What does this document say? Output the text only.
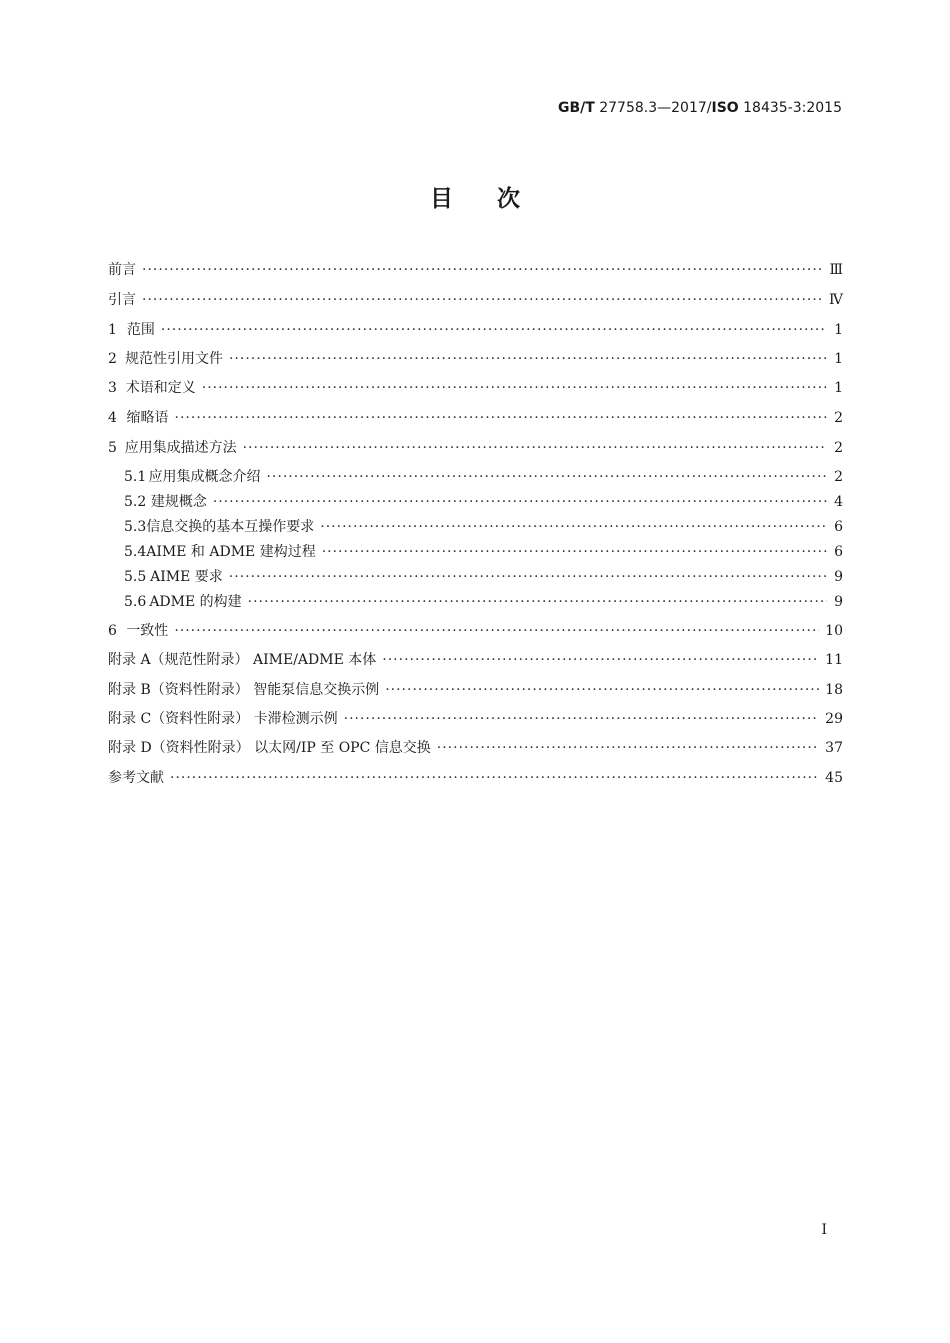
GB/T 27758.3—2017/ISO 18435-3:2015
目次
前言 ·····	Ⅲ
引言 ·····	Ⅳ
1 范围 ·····	1
2 规范性引用文件 ·····	1
3 术语和定义 ·····	1
4 缩略语 ·····	2
5 应用集成描述方法 ·····	2
5.1 应用集成概念介绍 ·····	2
5.2 建规概念 ·····	4
5.3 信息交换的基本互操作要求 ·····	6
5.4 AIME 和 ADME 建构过程 ·····	6
5.5 AIME 要求 ·····	9
5.6 ADME 的构建 ·····	9
6 一致性 ·····	10
附录 A（规范性附录） AIME/ADME 本体 ·····	11
附录 B（资料性附录） 智能泵信息交换示例 ·····	18
附录 C（资料性附录） 卡滞检测示例 ·····	29
附录 D（资料性附录） 以太网/IP 至 OPC 信息交换 ·····	37
参考文献 ·····	45
Ⅰ
